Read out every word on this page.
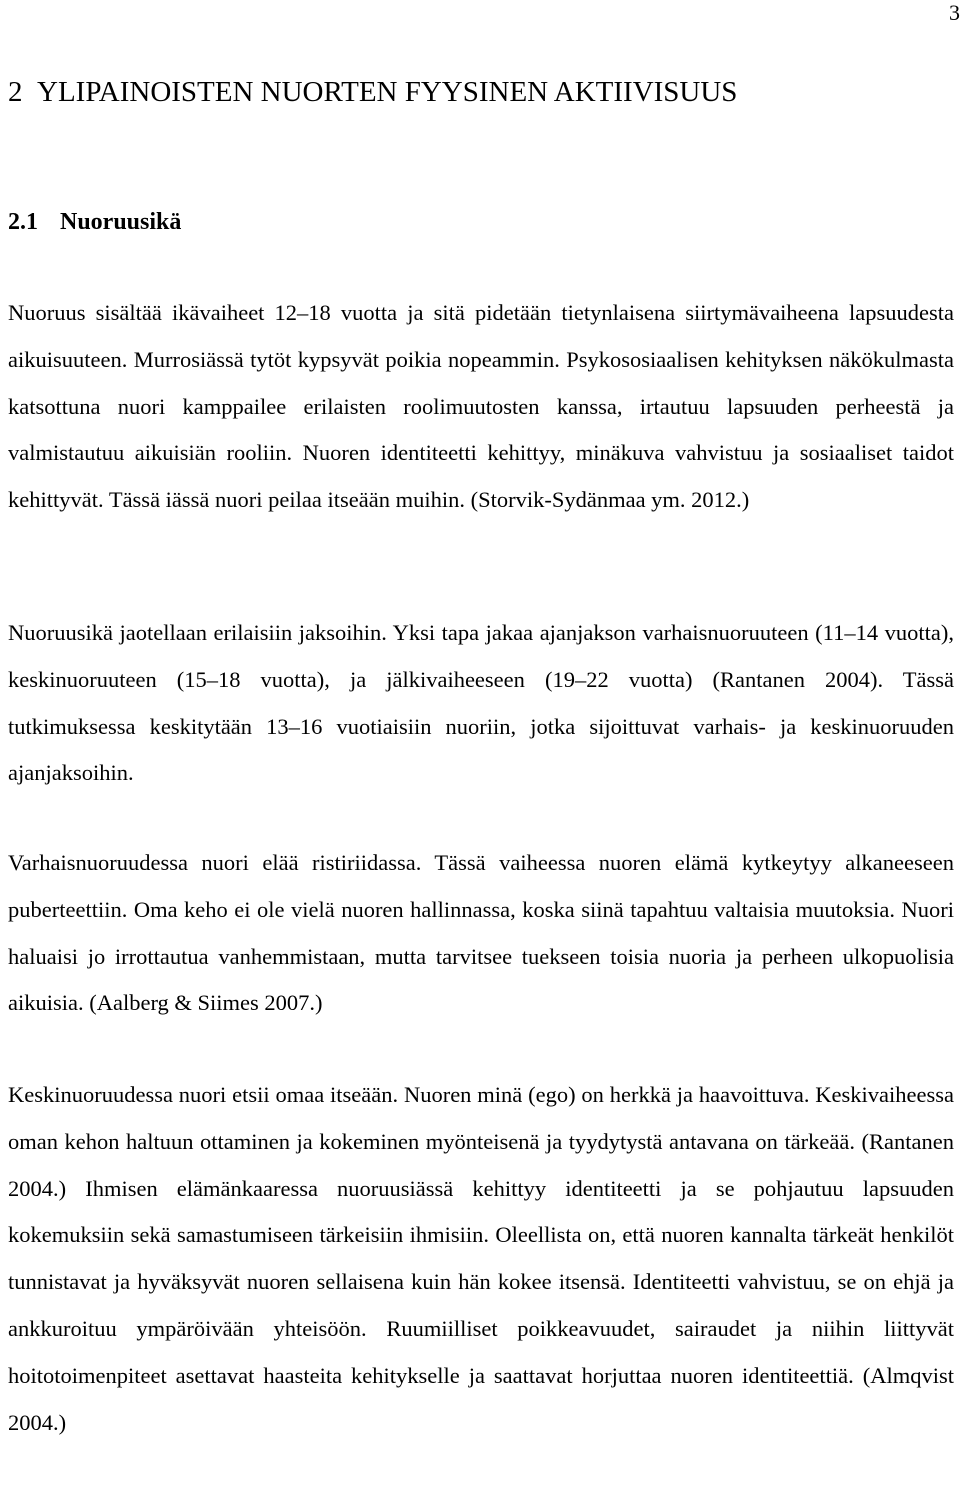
3
2 YLIPAINOISTEN NUORTEN FYYSINEN AKTIIVISUUS
2.1 Nuoruusikä

Nuoruus sisältää ikävaiheet 12–18 vuotta ja sitä pidetään tietynlaisena siirtymävaiheena lapsuudesta aikuisuuteen. Murrosiässä tytöt kypsyvät poikia nopeammin. Psykososiaalisen kehityksen näkökulmasta katsottuna nuori kamppailee erilaisten roolimuutosten kanssa, irtautuu lapsuuden perheestä ja valmistautuu aikuisiän rooliin. Nuoren identiteetti kehittyy, minäkuva vahvistuu ja sosiaaliset taidot kehittyvät. Tässä iässä nuori peilaa itseään muihin. (Storvik-Sydänmaa ym. 2012.)

Nuoruusikä jaotellaan erilaisiin jaksoihin. Yksi tapa jakaa ajanjakson varhaisnuoruuteen (11–14 vuotta), keskinuoruuteen (15–18 vuotta), ja jälkivaiheeseen (19–22 vuotta) (Rantanen 2004). Tässä tutkimuksessa keskitytään 13–16 vuotiaisiin nuoriin, jotka sijoittuvat varhais- ja keskinuoruuden ajanjaksoihin.

Varhaisnuoruudessa nuori elää ristiriidassa. Tässä vaiheessa nuoren elämä kytkeytyy alkaneeseen puberteettiin. Oma keho ei ole vielä nuoren hallinnassa, koska siinä tapahtuu valtaisia muutoksia. Nuori haluaisi jo irrottautua vanhemmistaan, mutta tarvitsee tuekseen toisia nuoria ja perheen ulkopuolisia aikuisia. (Aalberg & Siimes 2007.)

Keskinuoruudessa nuori etsii omaa itseään. Nuoren minä (ego) on herkkä ja haavoittuva. Keskivaiheessa oman kehon haltuun ottaminen ja kokeminen myönteisenä ja tyydytystä antavana on tärkeää. (Rantanen 2004.) Ihmisen elämänkaaressa nuoruusiässä kehittyy identiteetti ja se pohjautuu lapsuuden kokemuksiin sekä samastumiseen tärkeisiin ihmisiin. Oleellista on, että nuoren kannalta tärkeät henkilöt tunnistavat ja hyväksyvät nuoren sellaisena kuin hän kokee itsensä. Identiteetti vahvistuu, se on ehjä ja ankkuroituu ympäröivään yhteisöön. Ruumiilliset poikkeavuudet, sairaudet ja niihin liittyvät hoitotoimenpiteet asettavat haasteita kehitykselle ja saattavat horjuttaa nuoren identiteettiä. (Almqvist 2004.)
